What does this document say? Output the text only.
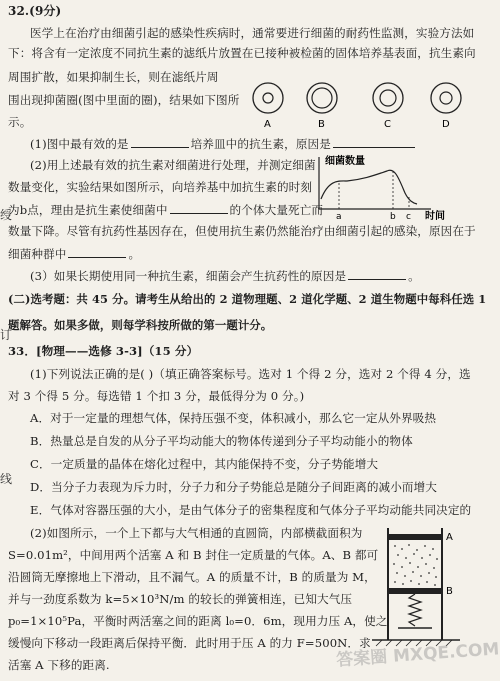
32.(9分)
医学上在治疗由细菌引起的感染性疾病时，通常要进行细菌的耐药性监测，实验方法如
下：将含有一定浓度不同抗生素的滤纸片放置在已接种被检菌的固体培养基表面，抗生素向
周围扩散，如果抑制生长，则在滤纸片周
围出现抑菌圈(图中里面的圈)，结果如下图所
示。	A	B	C	D
(1)图中最有效的是	培养皿中的抗生素，原因是
(2)用上述最有效的抗生素对细菌进行处理，并测定细菌
数量变化，实验结果如图所示，向培养基中加抗生素的时刻
为b点，理由是抗生素使细菌中	的个体大量死亡而
数量下降。尽管有抗药性基因存在，但使用抗生素仍然能治疗由细菌引起的感染，原因在于
细菌种群中	。
细菌数量
a	b c 时间
(3）如果长期使用同一种抗生素，细菌会产生抗药性的原因是	。
(二)选考题：共 45 分。请考生从给出的 2 道物理题、2 道化学题、2 道生物题中每科任选 1
题解答。如果多做，则每学科按所做的第一题计分。
33．[物理——选修 3-3]（15 分）
(1)下列说法正确的是( )（填正确答案标号。选对 1 个得 2 分，选对 2 个得 4 分，选
对 3 个得 5 分。每选错 1 个扣 3 分，最低得分为 0 分。)
A．对于一定量的理想气体，保持压强不变，体积减小，那么它一定从外界吸热
B．热量总是自发的从分子平均动能大的物体传递到分子平均动能小的物体
C．一定质量的晶体在熔化过程中，其内能保持不变，分子势能增大
D．当分子力表现为斥力时，分子力和分子势能总是随分子间距离的减小而增大
E．气体对容器压强的大小，是由气体分子的密集程度和气体分子平均动能共同决定的
(2)如图所示，一个上下都与大气相通的直圆筒，内部横截面积为
S=0.01m²，中间用两个活塞 A 和 B 封住一定质量的气体。A、B 都可
沿圆筒无摩擦地上下滑动，且不漏气。A 的质量不计，B 的质量为 M，
并与一劲度系数为 k=5×10³N/m 的较长的弹簧相连，已知大气压
p₀=1×10⁵Pa，平衡时两活塞之间的距离 l₀=0．6m，现用力压 A，使之
缓慢向下移动一段距离后保持平衡．此时用于压 A 的力 F=500N．求
活塞 A 下移的距离.
A
B
绶
订
线
答案圈 MXQE.COM
